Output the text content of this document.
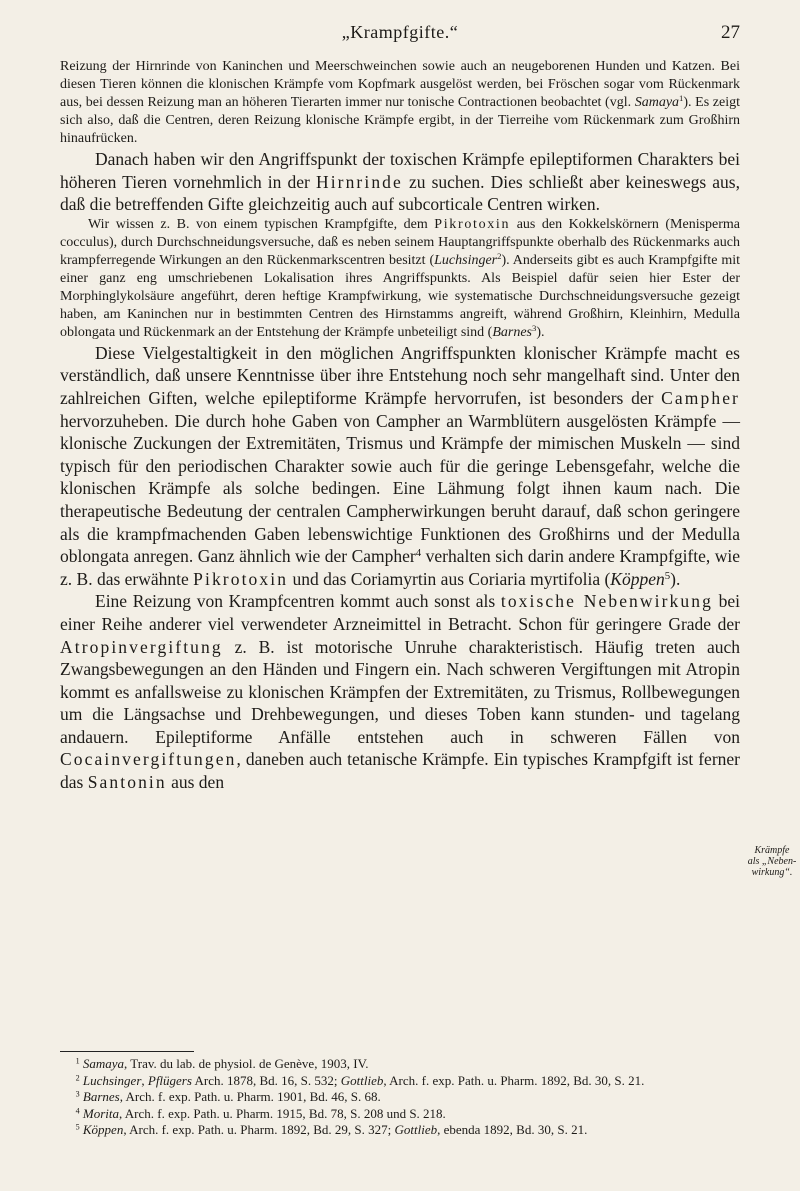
„Krampfgifte.“	27

Reizung der Hirnrinde von Kaninchen und Meerschweinchen sowie auch an neugeborenen Hunden und Katzen. Bei diesen Tieren können die klonischen Krämpfe vom Kopfmark ausgelöst werden, bei Fröschen sogar vom Rückenmark aus, bei dessen Reizung man an höheren Tierarten immer nur tonische Contractionen beobachtet (vgl. Samaya$^1$). Es zeigt sich also, daß die Centren, deren Reizung klonische Krämpfe ergibt, in der Tierreihe vom Rückenmark zum Großhirn hinaufrücken.

Danach haben wir den Angriffspunkt der toxischen Krämpfe epileptiformen Charakters bei höheren Tieren vornehmlich in der Hirnrinde zu suchen. Dies schließt aber keineswegs aus, daß die betreffenden Gifte gleichzeitig auch auf subcorticale Centren wirken.

Wir wissen z. B. von einem typischen Krampfgifte, dem Pikrotoxin aus den Kokkelskörnern (Menisperma cocculus), durch Durchschneidungsversuche, daß es neben seinem Hauptangriffspunkte oberhalb des Rückenmarks auch krampferregende Wirkungen an den Rückenmarkscentren besitzt (Luchsinger$^2$). Anderseits gibt es auch Krampfgifte mit einer ganz eng umschriebenen Lokalisation ihres Angriffspunkts. Als Beispiel dafür seien hier Ester der Morphinglykolsäure angeführt, deren heftige Krampfwirkung, wie systematische Durchschneidungsversuche gezeigt haben, am Kaninchen nur in bestimmten Centren des Hirnstamms angreift, während Großhirn, Kleinhirn, Medulla oblongata und Rückenmark an der Entstehung der Krämpfe unbeteiligt sind (Barnes$^3$).

Diese Vielgestaltigkeit in den möglichen Angriffspunkten klonischer Krämpfe macht es verständlich, daß unsere Kenntnisse über ihre Entstehung noch sehr mangelhaft sind. Unter den zahlreichen Giften, welche epileptiforme Krämpfe hervorrufen, ist besonders der Campher hervorzuheben. Die durch hohe Gaben von Campher an Warmblütern ausgelösten Krämpfe — klonische Zuckungen der Extremitäten, Trismus und Krämpfe der mimischen Muskeln — sind typisch für den periodischen Charakter sowie auch für die geringe Lebensgefahr, welche die klonischen Krämpfe als solche bedingen. Eine Lähmung folgt ihnen kaum nach. Die therapeutische Bedeutung der centralen Campherwirkungen beruht darauf, daß schon geringere als die krampfmachenden Gaben lebenswichtige Funktionen des Großhirns und der Medulla oblongata anregen. Ganz ähnlich wie der Campher$^4$ verhalten sich darin andere Krampfgifte, wie z. B. das erwähnte Pikrotoxin und das Coriamyrtin aus Coriaria myrtifolia (Köppen$^5$).

Eine Reizung von Krampfcentren kommt auch sonst als toxische Nebenwirkung bei einer Reihe anderer viel verwendeter Arzneimittel in Betracht. Schon für geringere Grade der Atropinvergiftung z. B. ist motorische Unruhe charakteristisch. Häufig treten auch Zwangsbewegungen an den Händen und Fingern ein. Nach schweren Vergiftungen mit Atropin kommt es anfallsweise zu klonischen Krämpfen der Extremitäten, zu Trismus, Rollbewegungen um die Längsachse und Drehbewegungen, und dieses Toben kann stunden- und tagelang andauern. Epileptiforme Anfälle entstehen auch in schweren Fällen von Cocainvergiftungen, daneben auch tetanische Krämpfe. Ein typisches Krampfgift ist ferner das Santonin aus den

Krämpfe
als „Neben-
wirkung“.

$^1$ Samaya, Trav. du lab. de physiol. de Genève, 1903, IV.

$^2$ Luchsinger, Pflügers Arch. 1878, Bd. 16, S. 532; Gottlieb, Arch. f. exp. Path. u. Pharm. 1892, Bd. 30, S. 21.

$^3$ Barnes, Arch. f. exp. Path. u. Pharm. 1901, Bd. 46, S. 68.

$^4$ Morita, Arch. f. exp. Path. u. Pharm. 1915, Bd. 78, S. 208 und S. 218.

$^5$ Köppen, Arch. f. exp. Path. u. Pharm. 1892, Bd. 29, S. 327; Gottlieb, ebenda 1892, Bd. 30, S. 21.
